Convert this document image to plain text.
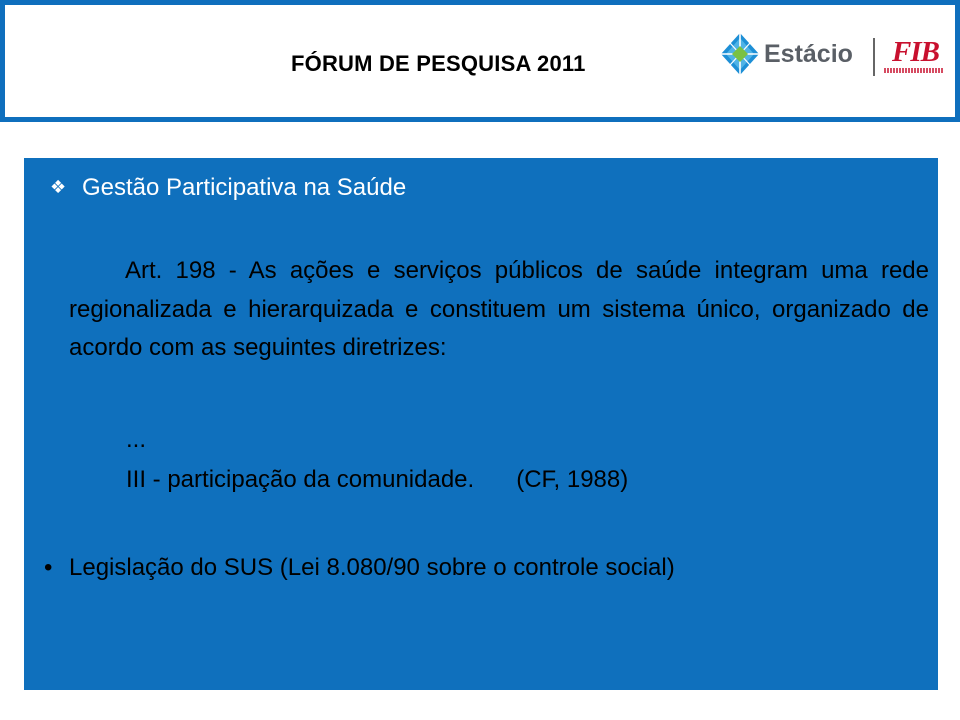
FÓRUM DE PESQUISA 2011	Estácio FIB
❖ Gestão Participativa na Saúde

Art. 198 - As ações e serviços públicos de saúde integram uma rede regionalizada e hierarquizada e constituem um sistema único, organizado de acordo com as seguintes diretrizes:

...
III - participação da comunidade. (CF, 1988)
• Legislação do SUS (Lei 8.080/90 sobre o controle social)
